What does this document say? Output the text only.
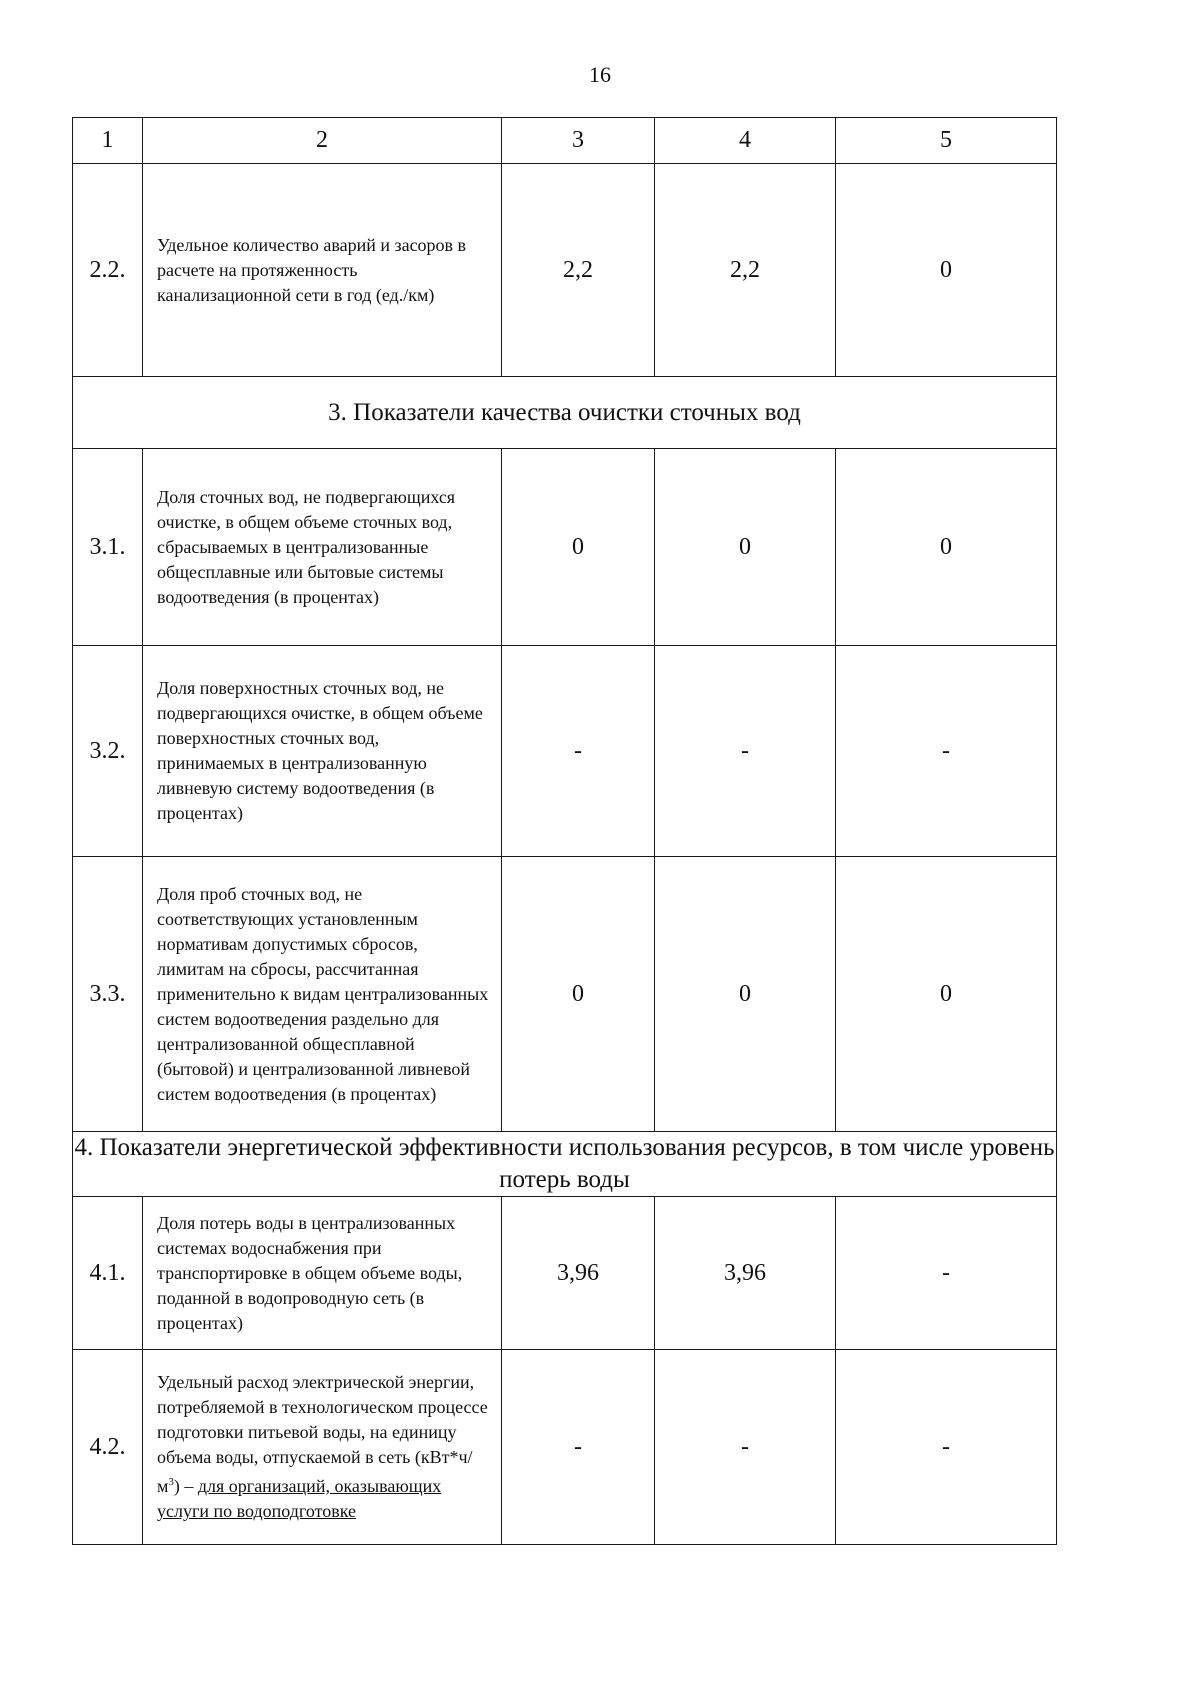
16
1	2	3	4	5
2.2.	Удельное количество аварий и засоров в расчете на протяженность канализационной сети в год (ед./км)	2,2	2,2	0
3. Показатели качества очистки сточных вод				
3.1.	Доля сточных вод, не подвергающихся очистке, в общем объеме сточных вод, сбрасываемых в централизованные общесплавные или бытовые системы водоотведения (в процентах)	0	0	0
3.2.	Доля поверхностных сточных вод, не подвергающихся очистке, в общем объеме поверхностных сточных вод, принимаемых в централизованную ливневую систему водоотведения (в процентах)	-	-	-
3.3.	Доля проб сточных вод, не соответствующих установленным нормативам допустимых сбросов, лимитам на сбросы, рассчитанная применительно к видам централизованных систем водоотведения раздельно для централизованной общесплавной (бытовой) и централизованной ливневой систем водоотведения (в процентах)	0	0	0
4. Показатели энергетической эффективности использования ресурсов, в том числе уровень потерь воды				
4.1.	Доля потерь воды в централизованных системах водоснабжения при транспортировке в общем объеме воды, поданной в водопроводную сеть (в процентах)	3,96	3,96	-
4.2.	Удельный расход электрической энергии, потребляемой в технологическом процессе подготовки питьевой воды, на единицу объема воды, отпускаемой в сеть $(кВт*ч/м^3)$ – для организаций, оказывающих услуги по водоподготовке	-	-	-
